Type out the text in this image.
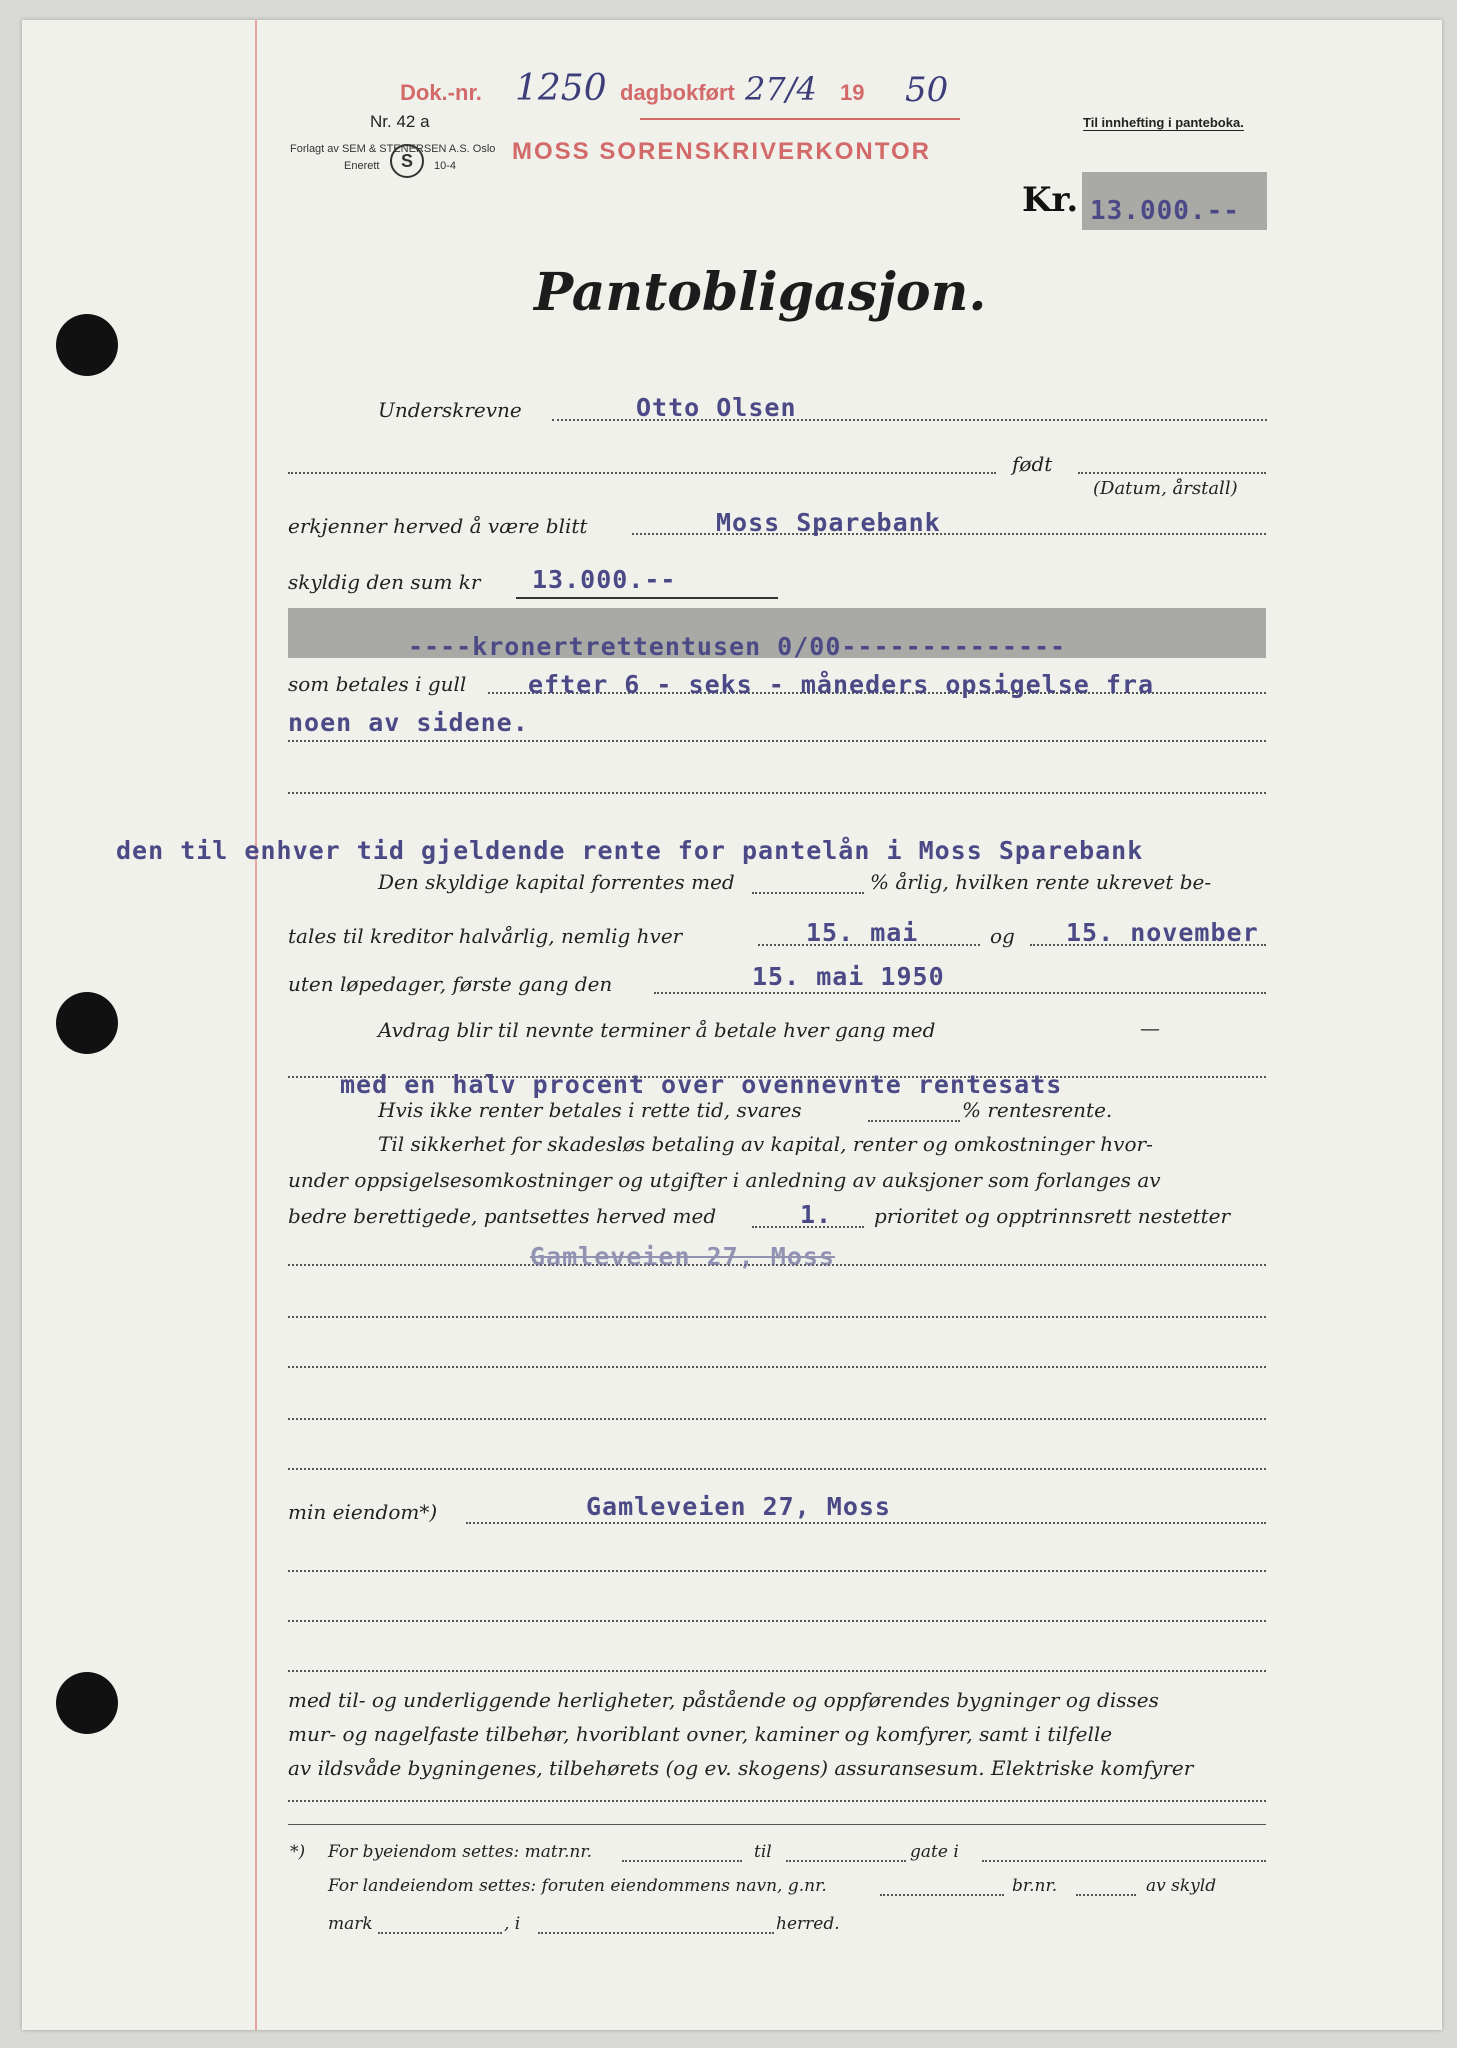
Dok.-nr. 1250 dagbokført 27/4 19 50
MOSS SORENSKRIVERKONTOR
Nr. 42 a
Forlagt av SEM & STENERSEN A.S. Oslo
Enerett	10-4
S
Til innhefting i panteboka.
Kr. 13.000.--
Pantobligasjon.
Underskrevne	Otto Olsen
født
(Datum, årstall)
erkjenner herved å være blitt	Moss Sparebank
skyldig den sum kr 13.000.--
----kronertrettentusen 0/00--------------
som betales i gull efter 6 - seks - måneders opsigelse fra
noen av sidene.
den til enhver tid gjeldende rente for pantelån i Moss Sparebank
Den skyldige kapital forrentes med	% årlig, hvilken rente ukrevet be-
tales til kreditor halvårlig, nemlig hver	15. mai	og 15. november
uten løpedager, første gang den	15. mai 1950
Avdrag blir til nevnte terminer å betale hver gang med	—
med en halv procent over ovennevnte rentesats
Hvis ikke renter betales i rette tid, svares	% rentesrente.
Til sikkerhet for skadesløs betaling av kapital, renter og omkostninger hvor-
under oppsigelsesomkostninger og utgifter i anledning av auksjoner som forlanges av
bedre berettigede, pantsettes herved med	1. prioritet og opptrinnsrett nestetter
Gamleveien 27, Moss
min eiendom*)	Gamleveien 27, Moss
med til- og underliggende herligheter, påstående og oppførendes bygninger og disses
mur- og nagelfaste tilbehør, hvoriblant ovner, kaminer og komfyrer, samt i tilfelle
av ildsvåde bygningenes, tilbehørets (og ev. skogens) assuransesum. Elektriske komfyrer
*) For byeiendom settes: matr.nr.	til	gate i
For landeiendom settes: foruten eiendommens navn, g.nr.	br.nr.	av skyld
mark	, i	herred.
